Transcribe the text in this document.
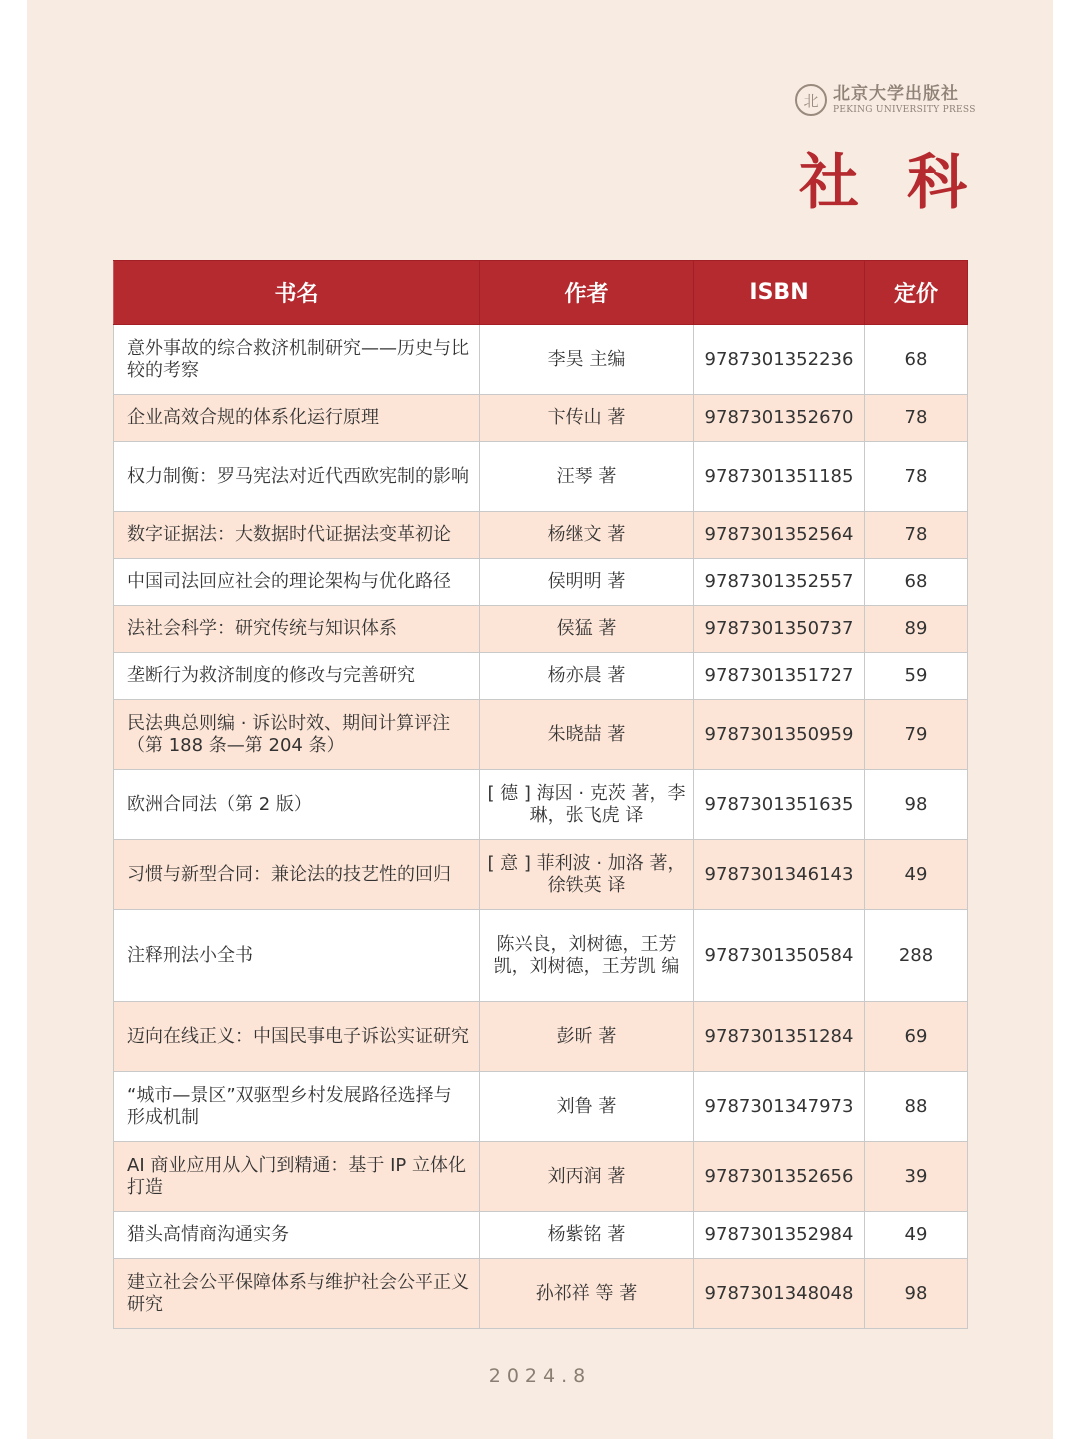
北 北京大学出版社
PEKING UNIVERSITY PRESS
社科
书名	作者	ISBN	定价
意外事故的综合救济机制研究——历史与比较的考察	李昊 主编	9787301352236	68
企业高效合规的体系化运行原理	卞传山 著	9787301352670	78
权力制衡：罗马宪法对近代西欧宪制的影响	汪琴 著	9787301351185	78
数字证据法：大数据时代证据法变革初论	杨继文 著	9787301352564	78
中国司法回应社会的理论架构与优化路径	侯明明 著	9787301352557	68
法社会科学：研究传统与知识体系	侯猛 著	9787301350737	89
垄断行为救济制度的修改与完善研究	杨亦晨 著	9787301351727	59
民法典总则编 · 诉讼时效、期间计算评注（第 188 条—第 204 条）	朱晓喆 著	9787301350959	79
欧洲合同法（第 2 版）	[ 德 ] 海因 · 克茨 著，李琳，张飞虎 译	9787301351635	98
习惯与新型合同：兼论法的技艺性的回归	[ 意 ] 菲利波 · 加洛 著，徐铁英 译	9787301346143	49
注释刑法小全书	陈兴良，刘树德，王芳凯，刘树德，王芳凯 编	9787301350584	288
迈向在线正义：中国民事电子诉讼实证研究	彭昕 著	9787301351284	69
“城市—景区”双驱型乡村发展路径选择与形成机制	刘鲁 著	9787301347973	88
AI 商业应用从入门到精通：基于 IP 立体化打造	刘丙润 著	9787301352656	39
猎头高情商沟通实务	杨紫铭 著	9787301352984	49
建立社会公平保障体系与维护社会公平正义研究	孙祁祥 等 著	9787301348048	98
2024.8
